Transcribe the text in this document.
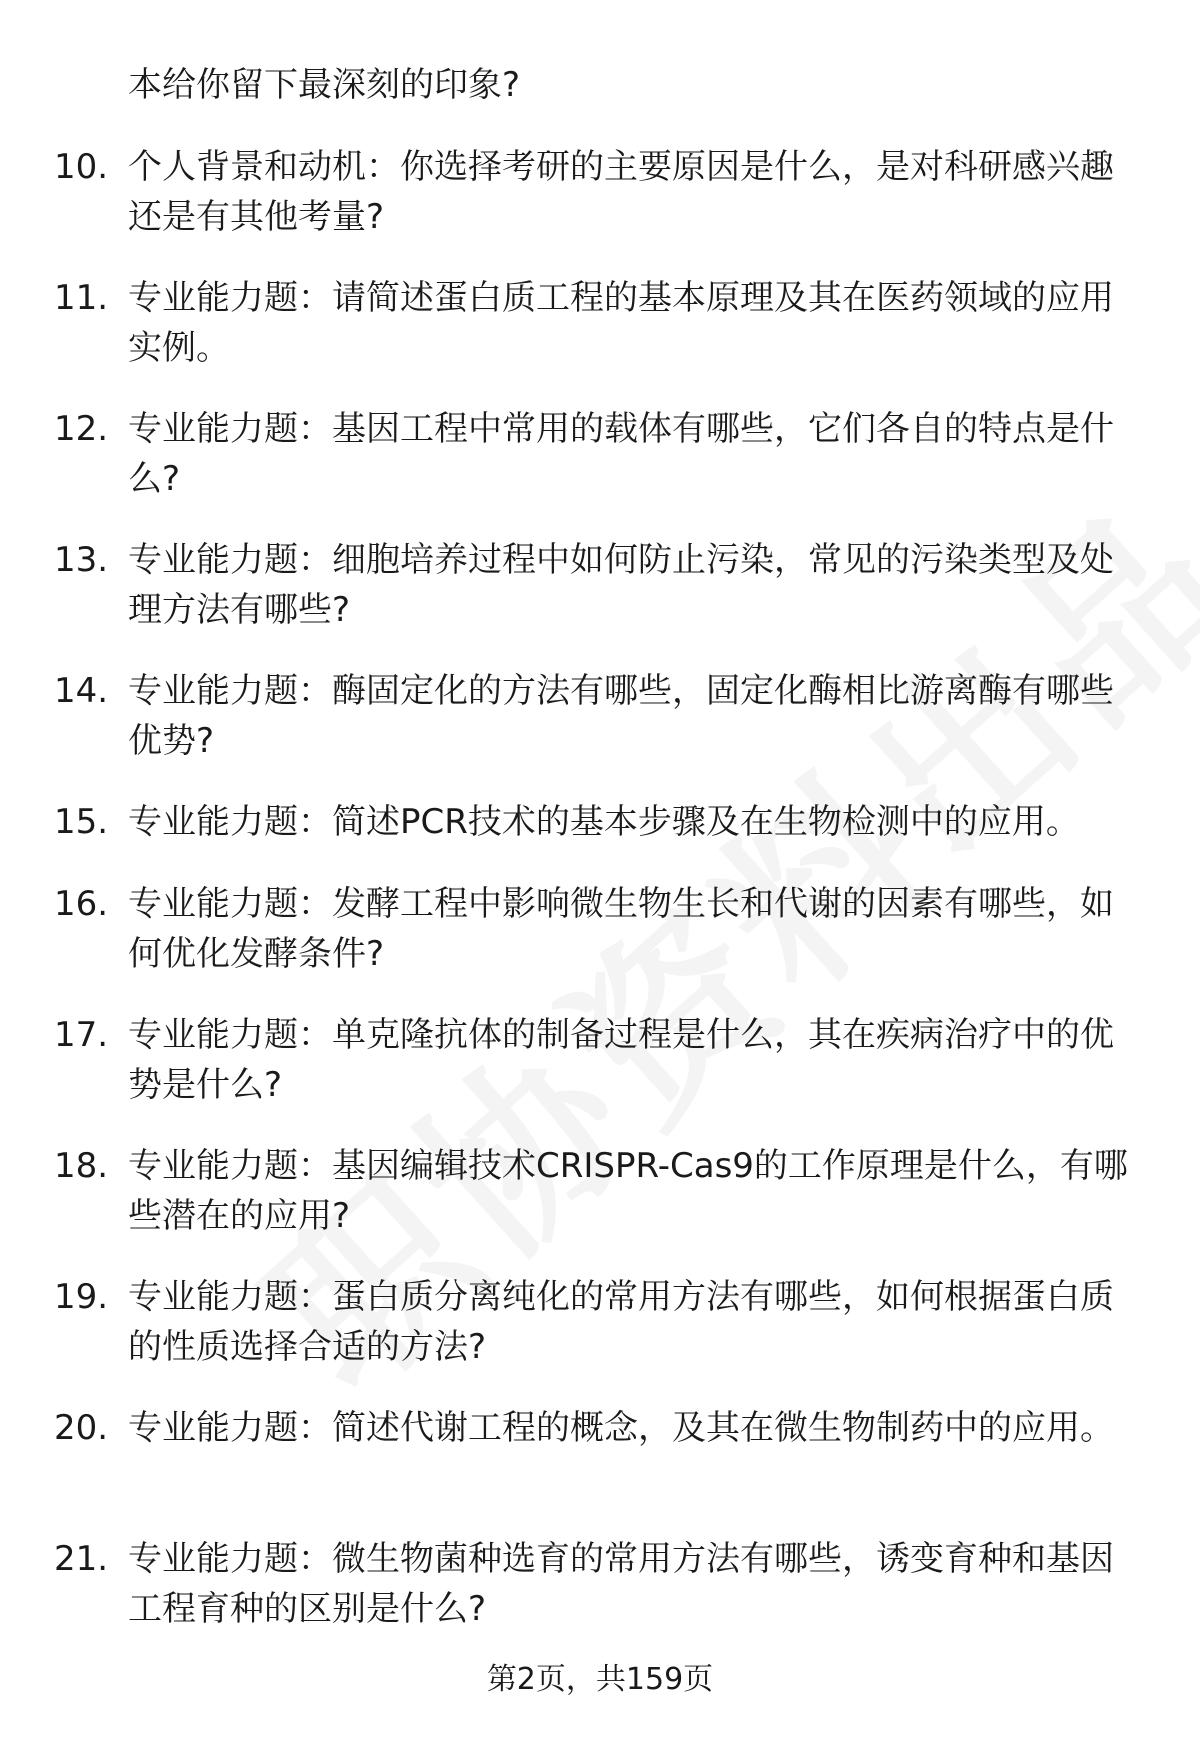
本给你留下最深刻的印象?

10. 个人背景和动机：你选择考研的主要原因是什么，是对科研感兴趣还是有其他考量?

11. 专业能力题：请简述蛋白质工程的基本原理及其在医药领域的应用实例。

12. 专业能力题：基因工程中常用的载体有哪些，它们各自的特点是什么?

13. 专业能力题：细胞培养过程中如何防止污染，常见的污染类型及处理方法有哪些?

14. 专业能力题：酶固定化的方法有哪些，固定化酶相比游离酶有哪些优势?

15. 专业能力题：简述PCR技术的基本步骤及在生物检测中的应用。

16. 专业能力题：发酵工程中影响微生物生长和代谢的因素有哪些，如何优化发酵条件?

17. 专业能力题：单克隆抗体的制备过程是什么，其在疾病治疗中的优势是什么?

18. 专业能力题：基因编辑技术CRISPR-Cas9的工作原理是什么，有哪些潜在的应用?

19. 专业能力题：蛋白质分离纯化的常用方法有哪些，如何根据蛋白质的性质选择合适的方法?

20. 专业能力题：简述代谢工程的概念，及其在微生物制药中的应用。

21. 专业能力题：微生物菌种选育的常用方法有哪些，诱变育种和基因工程育种的区别是什么?

第2页，共159页
